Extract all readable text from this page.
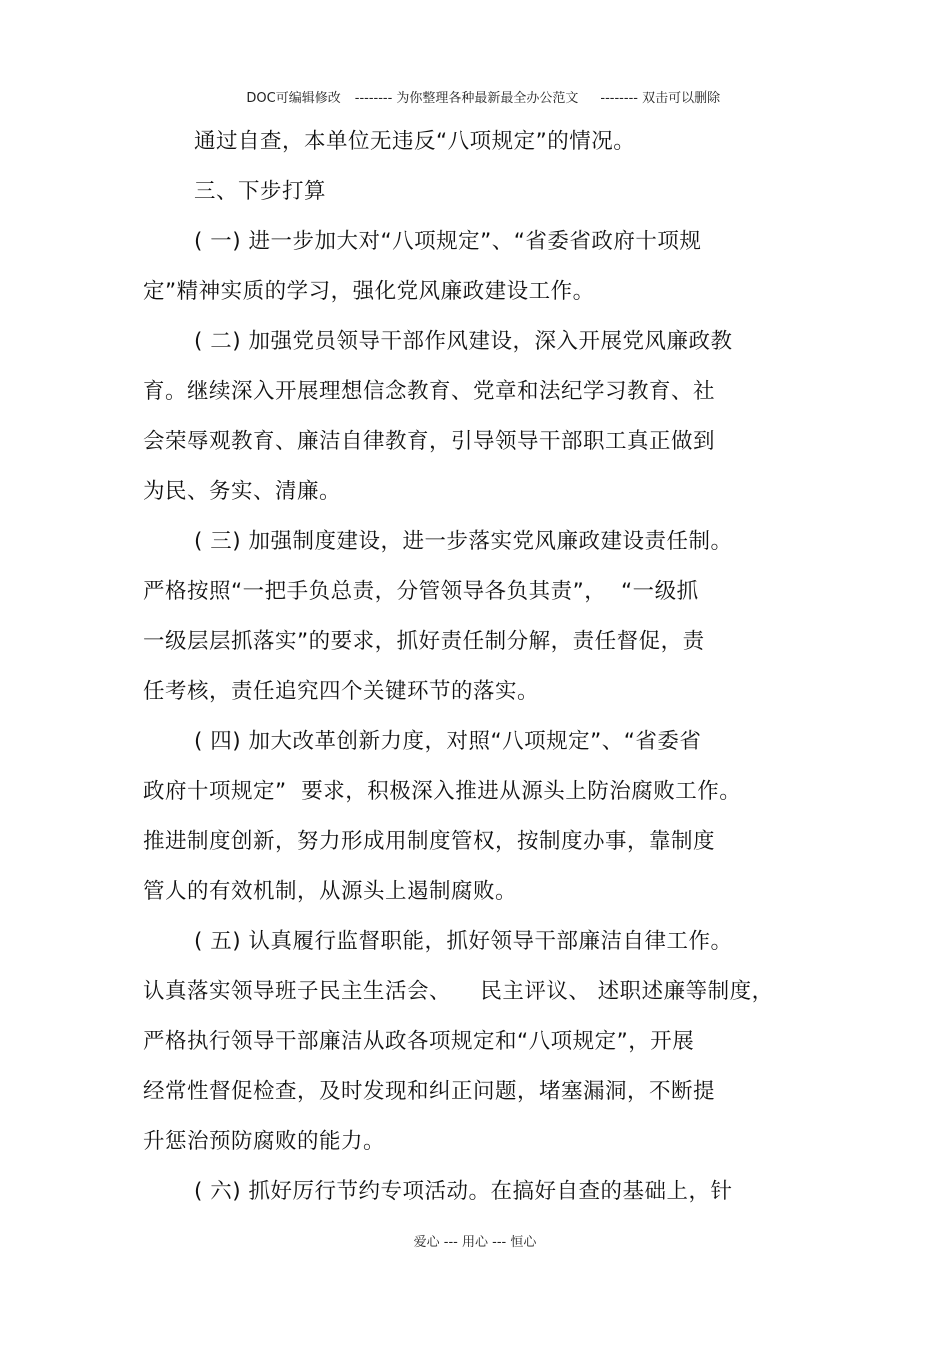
DOC可编辑修改 -------- 为你整理各种最新最全办公范文 -------- 双击可以删除

通过自查，本单位无违反“八项规定”的情况。
三、下步打算
( 一) 进一步加大对“八项规定”、“省委省政府十项规
定”精神实质的学习，强化党风廉政建设工作。
( 二) 加强党员领导干部作风建设，深入开展党风廉政教
育。继续深入开展理想信念教育、党章和法纪学习教育、社
会荣辱观教育、廉洁自律教育，引导领导干部职工真正做到
为民、务实、清廉。
( 三) 加强制度建设，进一步落实党风廉政建设责任制。
严格按照“一把手负总责，分管领导各负其责”，  “一级抓
一级层层抓落实”的要求，抓好责任制分解，责任督促，责
任考核，责任追究四个关键环节的落实。
( 四) 加大改革创新力度，对照“八项规定”、“省委省
政府十项规定”  要求，积极深入推进从源头上防治腐败工作。
推进制度创新，努力形成用制度管权，按制度办事，靠制度
管人的有效机制，从源头上遏制腐败。
( 五) 认真履行监督职能，抓好领导干部廉洁自律工作。
认真落实领导班子民主生活会、    民主评议、 述职述廉等制度，
严格执行领导干部廉洁从政各项规定和“八项规定”，开展
经常性督促检查，及时发现和纠正问题，堵塞漏洞，不断提
升惩治预防腐败的能力。
( 六) 抓好厉行节约专项活动。在搞好自查的基础上，针
爱心 --- 用心 --- 恒心
